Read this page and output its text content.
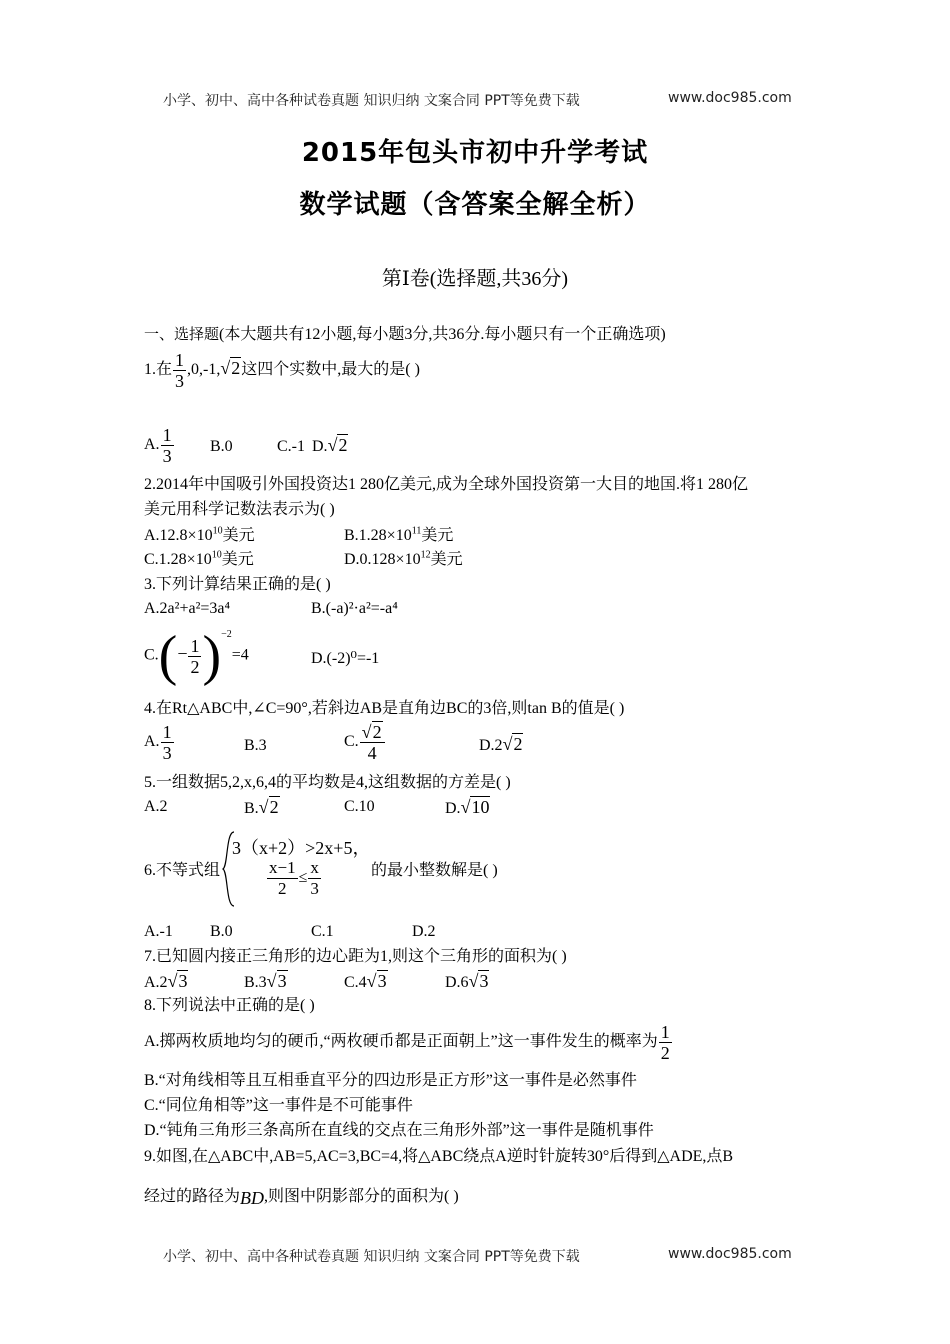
小学、初中、高中各种试卷真题 知识归纳 文案合同 PPT等免费下载	www.doc985.com
2015年包头市初中升学考试
数学试题（含答案全解全析）
第Ⅰ卷(选择题,共36分)
一、选择题(本大题共有12小题,每小题3分,共36分.每小题只有一个正确选项)
1.在 $\frac{1}{3} ,0,-1,√2$这四个实数中,最大的是( )
A. $\frac{1}{3} B.0$	C.-1 D.√2
2.2014年中国吸引外国投资达1 280亿美元,成为全球外国投资第一大目的地国.将1 280亿
美元用科学记数法表示为( )
$A.12.8\times 10^{10}$美元	$B.1.28\times 10^{11}$美元
$C.1.28\times 10^{10}$美元	$D.0.128\times 10^{12}$美元
3.下列计算结果正确的是( )
A.2a²+a²=3a⁴	B.(-a)²·a²=-a⁴
$C.(- \frac{1}{2} )^{-2}=4$	D.(-2)⁰=-1
4.在Rt△ABC中,∠C=90°,若斜边AB是直角边BC的3倍,则tan B的值是( )
A. $\frac{1}{3}$	B.3	C. $\frac{√2}{4}$	D.2√2
5.一组数据5,2,x,6,4的平均数是4,这组数据的方差是( )
A.2	B.√2	C.10	D.√10
6.不等式组
3（x+2）>2x+5，
$\frac{x-1}{2} \le \frac{x}{3}$	的最小整数解是( )
A.-1 B.0	C.1	D.2
7.已知圆内接正三角形的边心距为1,则这个三角形的面积为( )
A.2√3	B.3√3	C.4√3	D.6√3
8.下列说法中正确的是( )
A.掷两枚质地均匀的硬币,“两枚硬币都是正面朝上”这一事件发生的概率为 $\frac{1}{2}$
B.“对角线相等且互相垂直平分的四边形是正方形”这一事件是必然事件
C.“同位角相等”这一事件是不可能事件
D.“钝角三角形三条高所在直线的交点在三角形外部”这一事件是随机事件
9.如图,在△ABC中,AB=5,AC=3,BC=4,将△ABC绕点A逆时针旋转30°后得到△ADE,点B
经过的路径为BD,则图中阴影部分的面积为( )
小学、初中、高中各种试卷真题 知识归纳 文案合同 PPT等免费下载	www.doc985.com
